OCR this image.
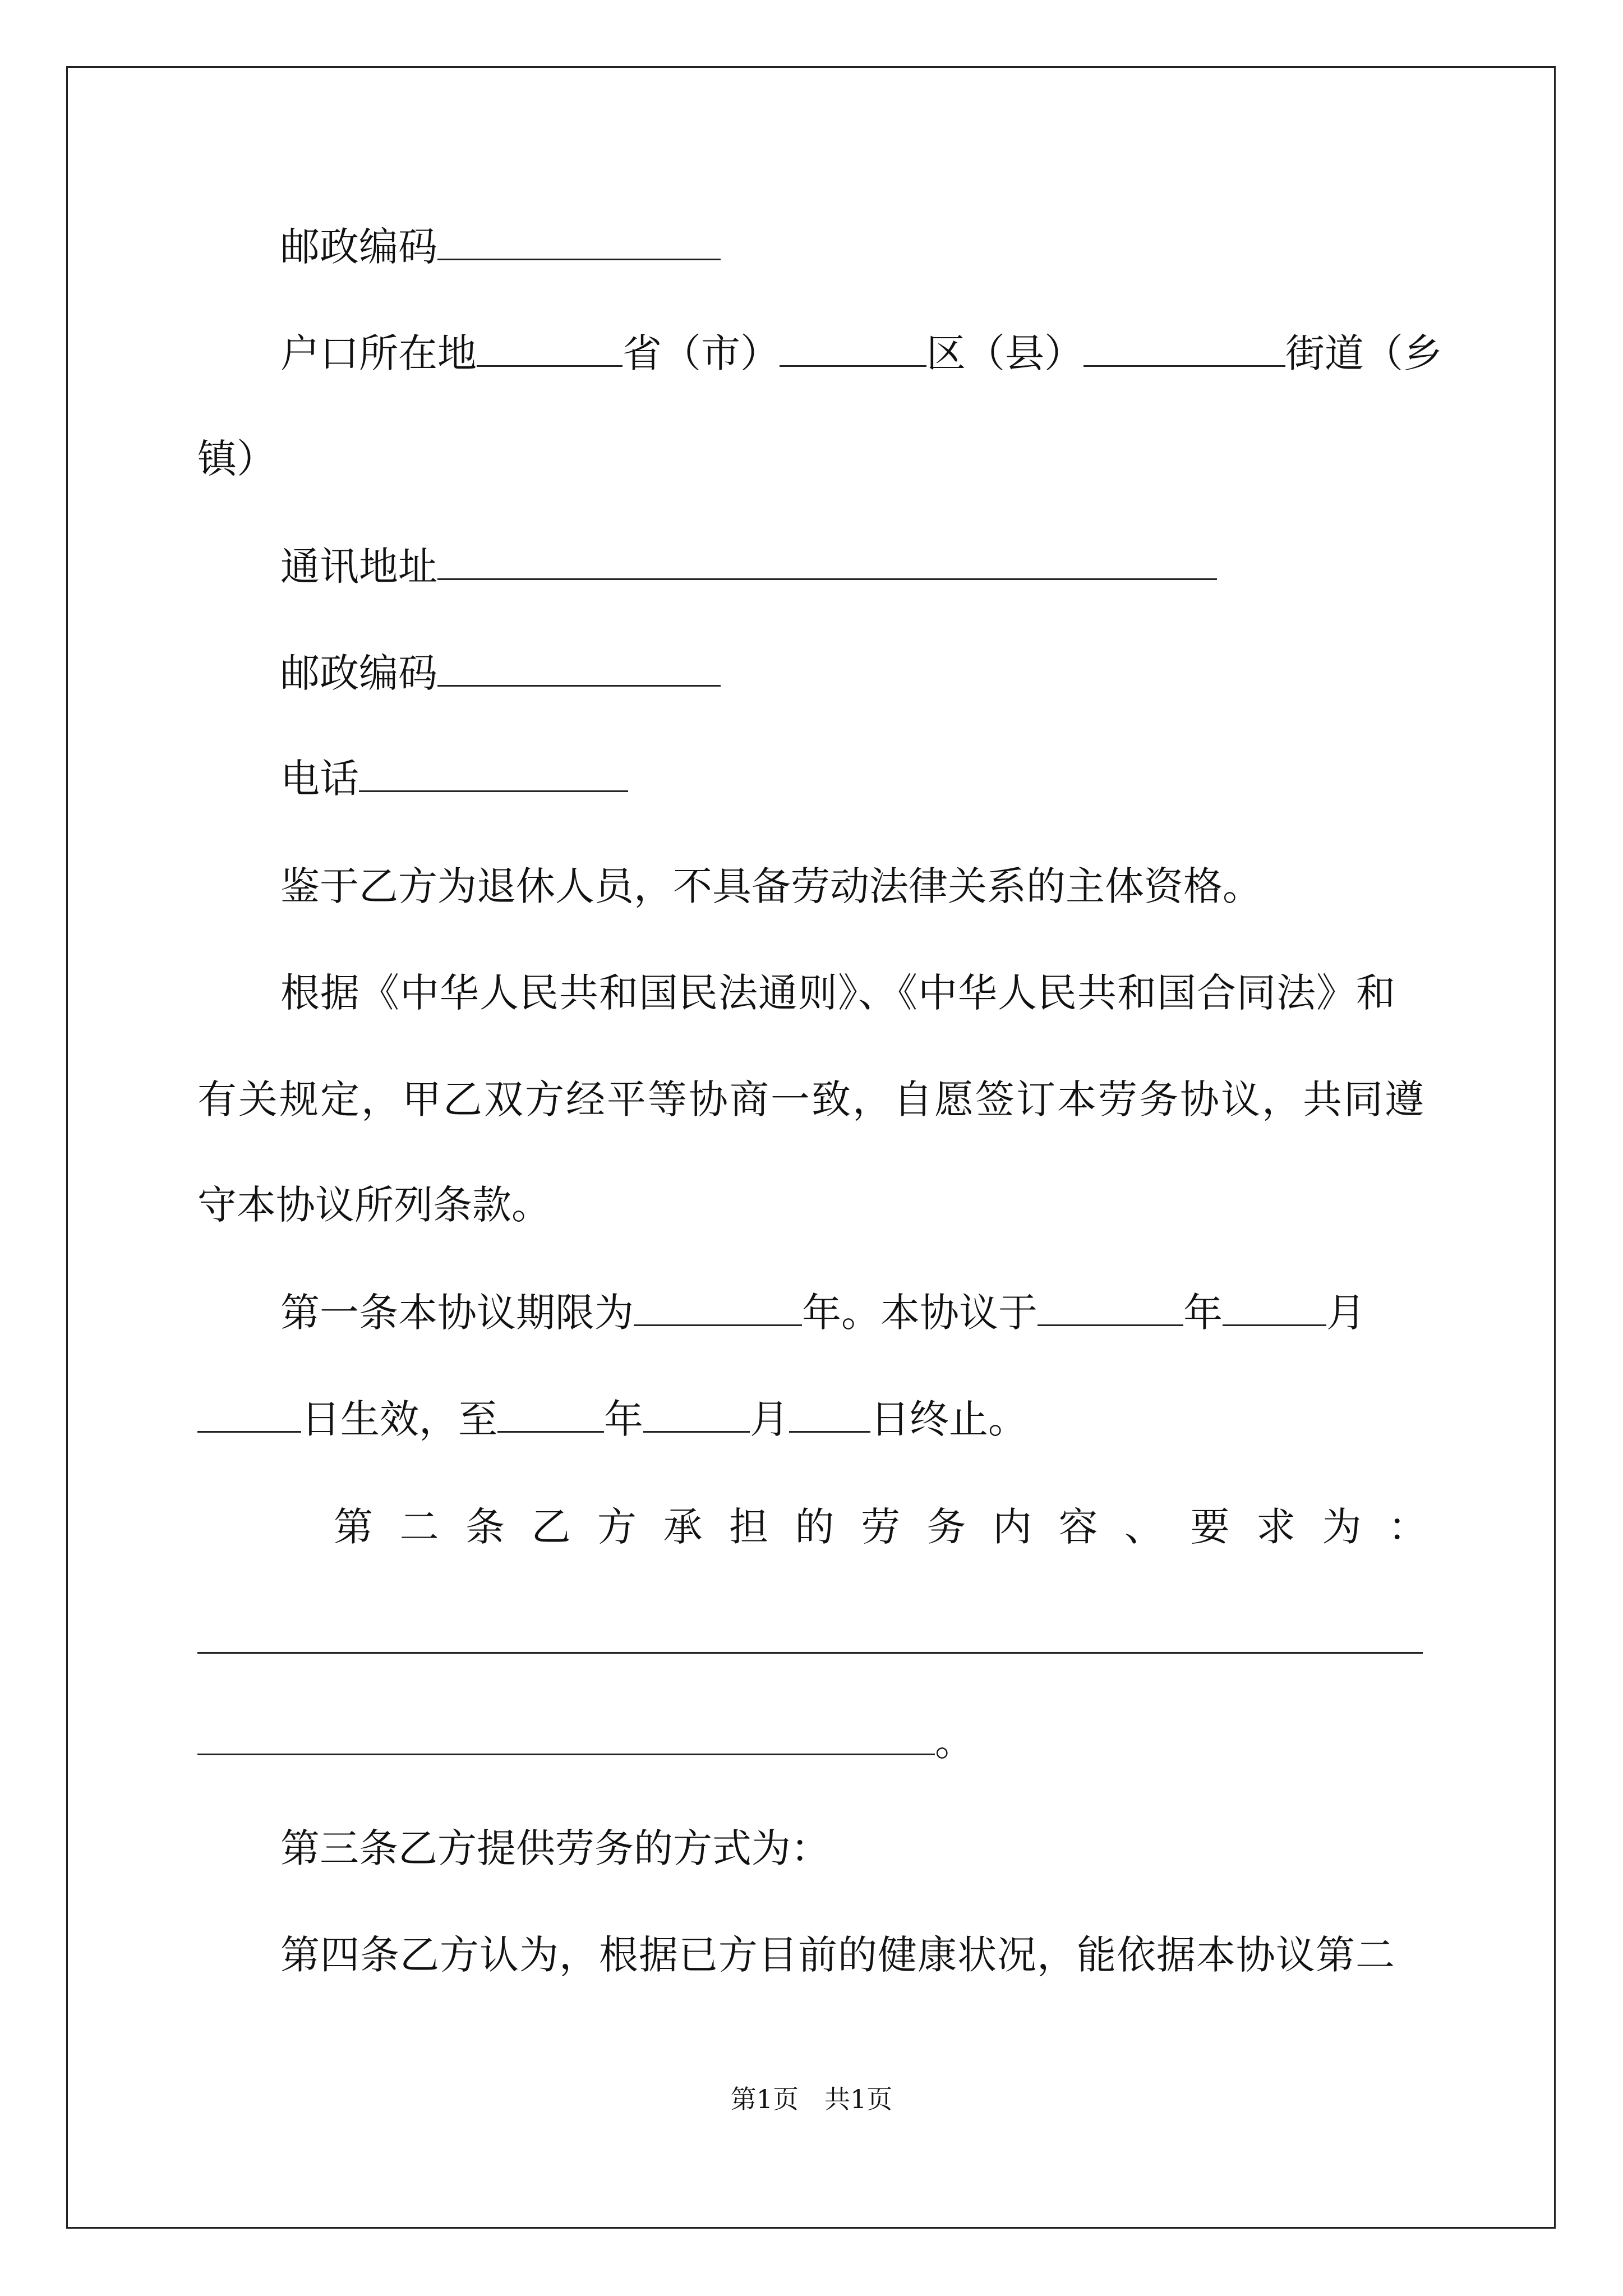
邮政编码
户口所在地	省（市）	区（县）	街道（乡
镇）
通讯地址
邮政编码
电话
鉴于乙方为退休人员，不具备劳动法律关系的主体资格。
根据《中华人民共和国民法通则》、《中华人民共和国合同法》和
有关规定，甲乙双方经平等协商一致，自愿签订本劳务协议，共同遵
守本协议所列条款。
第一条本协议期限为	年。本协议于	年	月
日生效，至	年	月 日终止。
第 二 条 乙 方 承 担 的 劳 务 内 容 、 要 求 为 ：
。
第三条乙方提供劳务的方式为：
第四条乙方认为，根据已方目前的健康状况，能依据本协议第二
第1页　共1页
